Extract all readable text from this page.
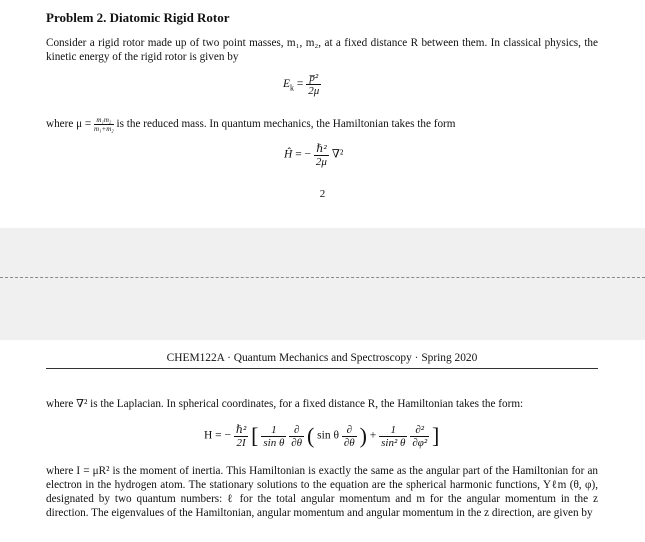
Problem 2. Diatomic Rigid Rotor
Consider a rigid rotor made up of two point masses, m₁, m₂, at a fixed distance R between them. In classical physics, the kinetic energy of the rigid rotor is given by
$E_k = \frac{\text{p̅²}}{2\mu}$
where $\mu = \frac{\text{m₁m₂}}{\text{m₁+m₂}}$ is the reduced mass. In quantum mechanics, the Hamiltonian takes the form
Ĥ = − $\frac{\text{ℏ²}}{2\mu} \nabla^2$
2
CHEM122A · Quantum Mechanics and Spectroscopy · Spring 2020
where ∇² is the Laplacian. In spherical coordinates, for a fixed distance R, the Hamiltonian takes the form:
H = − $\frac{\text{ℏ²}}{2I}$ [ $\frac{1}{\text{sin θ}}$
$\frac{\partial}{\partial\theta}$ ( sin θ $\frac{\partial}{\partial\theta}$ ) + $\frac{1}{\text{sin² θ}}$
$\frac{\text{∂²}}{\text{∂φ²}}$ ]
where I = μR² is the moment of inertia. This Hamiltonian is exactly the same as the angular part of the Hamiltonian for an electron in the hydrogen atom. The stationary solutions to the equation are the spherical harmonic functions, Yℓm (θ, φ), designated by two quantum numbers: ℓ for the total angular momentum and m for the angular momentum in the z direction. The eigenvalues of the Hamiltonian, angular momentum and angular momentum in the z direction, are given by
